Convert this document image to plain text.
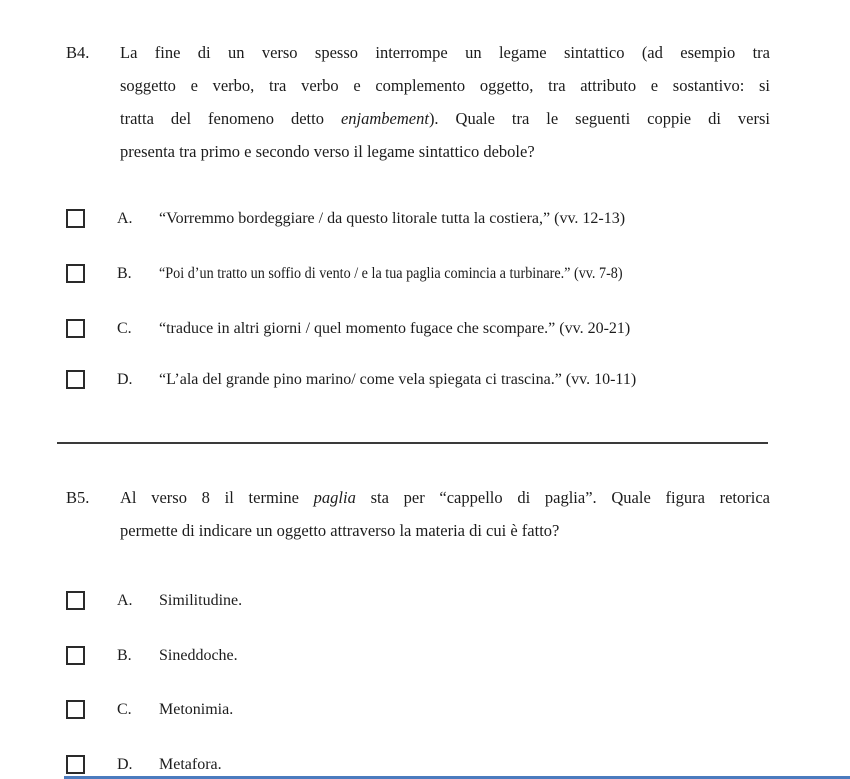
B4. La fine di un verso spesso interrompe un legame sintattico (ad esempio tra
soggetto e verbo, tra verbo e complemento oggetto, tra attributo e sostantivo: si
tratta del fenomeno detto enjambement). Quale tra le seguenti coppie di versi
presenta tra primo e secondo verso il legame sintattico debole?
A.	“Vorremmo bordeggiare / da questo litorale tutta la costiera,” (vv. 12-13)
B.	“Poi d’un tratto un soffio di vento / e la tua paglia comincia a turbinare.” (vv. 7-8)
C.	“traduce in altri giorni / quel momento fugace che scompare.” (vv. 20-21)
D.	“L’ala del grande pino marino/ come vela spiegata ci trascina.” (vv. 10-11)
B5. Al verso 8 il termine paglia sta per “cappello di paglia”. Quale figura retorica
permette di indicare un oggetto attraverso la materia di cui è fatto?
A.	Similitudine.
B.	Sineddoche.
C.	Metonimia.
D.	Metafora.
